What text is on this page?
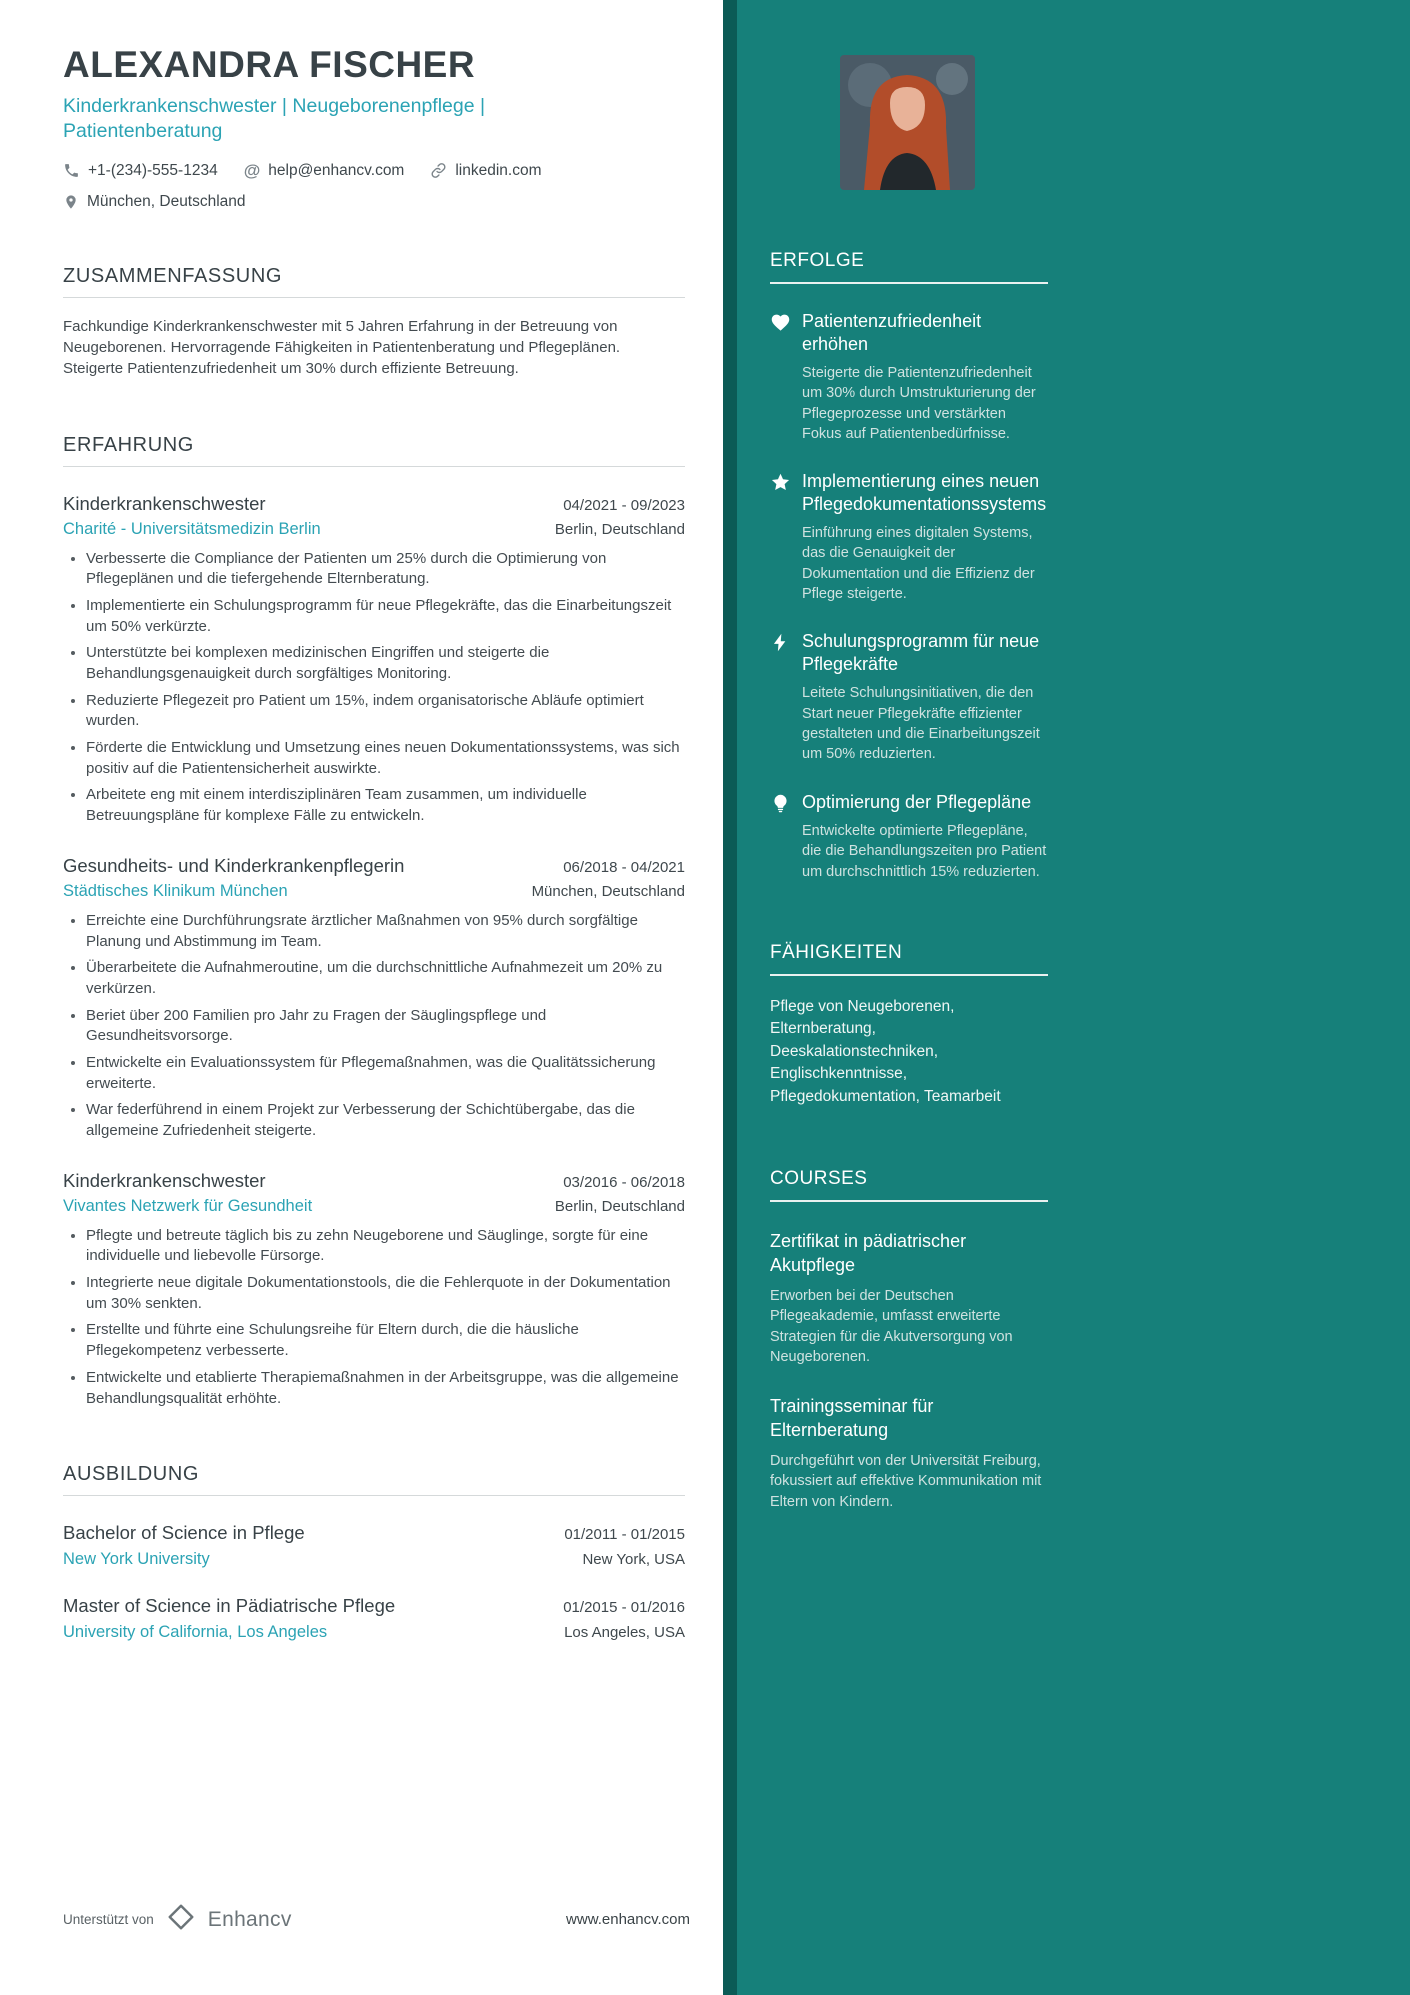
ALEXANDRA FISCHER
Kinderkrankenschwester | Neugeborenenpflege | Patientenberatung
+1-(234)-555-1234 @ help@enhancv.com	linkedin.com
München, Deutschland
ZUSAMMENFASSUNG

Fachkundige Kinderkrankenschwester mit 5 Jahren Erfahrung in der Betreuung von Neugeborenen. Hervorragende Fähigkeiten in Patientenberatung und Pflegeplänen. Steigerte Patientenzufriedenheit um 30% durch effiziente Betreuung.

ERFAHRUNG
Kinderkrankenschwester	04/2021 - 09/2023
Charité - Universitätsmedizin Berlin	Berlin, Deutschland
• Verbesserte die Compliance der Patienten um 25% durch die Optimierung von Pflegeplänen und die tiefergehende Elternberatung.
• Implementierte ein Schulungsprogramm für neue Pflegekräfte, das die Einarbeitungszeit um 50% verkürzte.
• Unterstützte bei komplexen medizinischen Eingriffen und steigerte die Behandlungsgenauigkeit durch sorgfältiges Monitoring.
• Reduzierte Pflegezeit pro Patient um 15%, indem organisatorische Abläufe optimiert wurden.
• Förderte die Entwicklung und Umsetzung eines neuen Dokumentationssystems, was sich positiv auf die Patientensicherheit auswirkte.
• Arbeitete eng mit einem interdisziplinären Team zusammen, um individuelle Betreuungspläne für komplexe Fälle zu entwickeln.
Gesundheits- und Kinderkrankenpflegerin	06/2018 - 04/2021
Städtisches Klinikum München	München, Deutschland
• Erreichte eine Durchführungsrate ärztlicher Maßnahmen von 95% durch sorgfältige Planung und Abstimmung im Team.
• Überarbeitete die Aufnahmeroutine, um die durchschnittliche Aufnahmezeit um 20% zu verkürzen.
• Beriet über 200 Familien pro Jahr zu Fragen der Säuglingspflege und Gesundheitsvorsorge.
• Entwickelte ein Evaluationssystem für Pflegemaßnahmen, was die Qualitätssicherung erweiterte.
• War federführend in einem Projekt zur Verbesserung der Schichtübergabe, das die allgemeine Zufriedenheit steigerte.
Kinderkrankenschwester	03/2016 - 06/2018
Vivantes Netzwerk für Gesundheit	Berlin, Deutschland
• Pflegte und betreute täglich bis zu zehn Neugeborene und Säuglinge, sorgte für eine individuelle und liebevolle Fürsorge.
• Integrierte neue digitale Dokumentationstools, die die Fehlerquote in der Dokumentation um 30% senkten.
• Erstellte und führte eine Schulungsreihe für Eltern durch, die die häusliche Pflegekompetenz verbesserte.
• Entwickelte und etablierte Therapiemaßnahmen in der Arbeitsgruppe, was die allgemeine Behandlungsqualität erhöhte.
AUSBILDUNG
Bachelor of Science in Pflege	01/2011 - 01/2015
New York University	New York, USA
Master of Science in Pädiatrische Pflege	01/2015 - 01/2016
University of California, Los Angeles	Los Angeles, USA
Unterstützt von	Enhancv	www.enhancv.com
ERFOLGE
Patientenzufriedenheit erhöhen
Steigerte die Patientenzufriedenheit um 30% durch Umstrukturierung der Pflegeprozesse und verstärkten Fokus auf Patientenbedürfnisse.
Implementierung eines neuen Pflegedokumentationssystems
Einführung eines digitalen Systems, das die Genauigkeit der Dokumentation und die Effizienz der Pflege steigerte.
Schulungsprogramm für neue Pflegekräfte
Leitete Schulungsinitiativen, die den Start neuer Pflegekräfte effizienter gestalteten und die Einarbeitungszeit um 50% reduzierten.
Optimierung der Pflegepläne
Entwickelte optimierte Pflegepläne, die die Behandlungszeiten pro Patient um durchschnittlich 15% reduzierten.
FÄHIGKEITEN
Pflege von Neugeborenen, Elternberatung, Deeskalationstechniken, Englischkenntnisse, Pflegedokumentation, Teamarbeit
COURSES
Zertifikat in pädiatrischer Akutpflege
Erworben bei der Deutschen Pflegeakademie, umfasst erweiterte Strategien für die Akutversorgung von Neugeborenen.
Trainingsseminar für Elternberatung
Durchgeführt von der Universität Freiburg, fokussiert auf effektive Kommunikation mit Eltern von Kindern.
